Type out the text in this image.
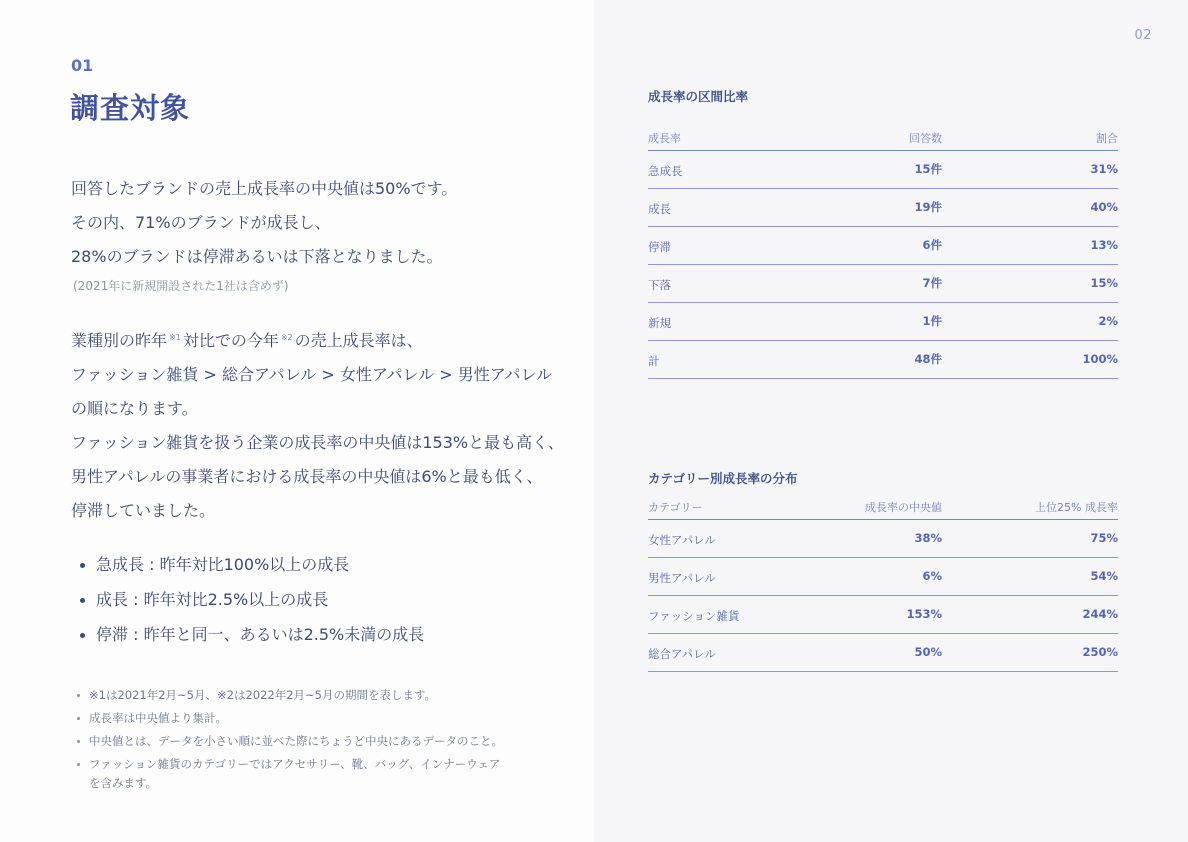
02
01
調査対象
回答したブランドの売上成長率の中央値は50%です。
その内、71%のブランドが成長し、
28%のブランドは停滞あるいは下落となりました。
(2021年に新規開設された1社は含めず)
業種別の昨年 $^{※1}$ 対比での今年 $^{※2}$ の売上成長率は、
ファッション雑貨 > 総合アパレル > 女性アパレル > 男性アパレル
の順になります。
ファッション雑貨を扱う企業の成長率の中央値は153%と最も高く、
男性アパレルの事業者における成長率の中央値は6%と最も低く、
停滞していました。
急成長 : 昨年対比100%以上の成長
成長 : 昨年対比2.5%以上の成長
停滞 : 昨年と同一、あるいは2.5%未満の成長
※1は2021年2月~5月、※2は2022年2月~5月の期間を表します。
成長率は中央値より集計。
中央値とは、データを小さい順に並べた際にちょうど中央にあるデータのこと。
ファッション雑貨のカテゴリーではアクセサリー、靴、バッグ、インナーウェア
を含みます。
成長率の区間比率
成長率	回答数	割合
急成長	15件	31%
成長	19件	40%
停滞	6件	13%
下落	7件	15%
新規	1件	2%
計	48件	100%
カテゴリー別成長率の分布
カテゴリー	成長率の中央値	上位25% 成長率
女性アパレル	38%	75%
男性アパレル	6%	54%
ファッション雑貨	153%	244%
総合アパレル	50%	250%
